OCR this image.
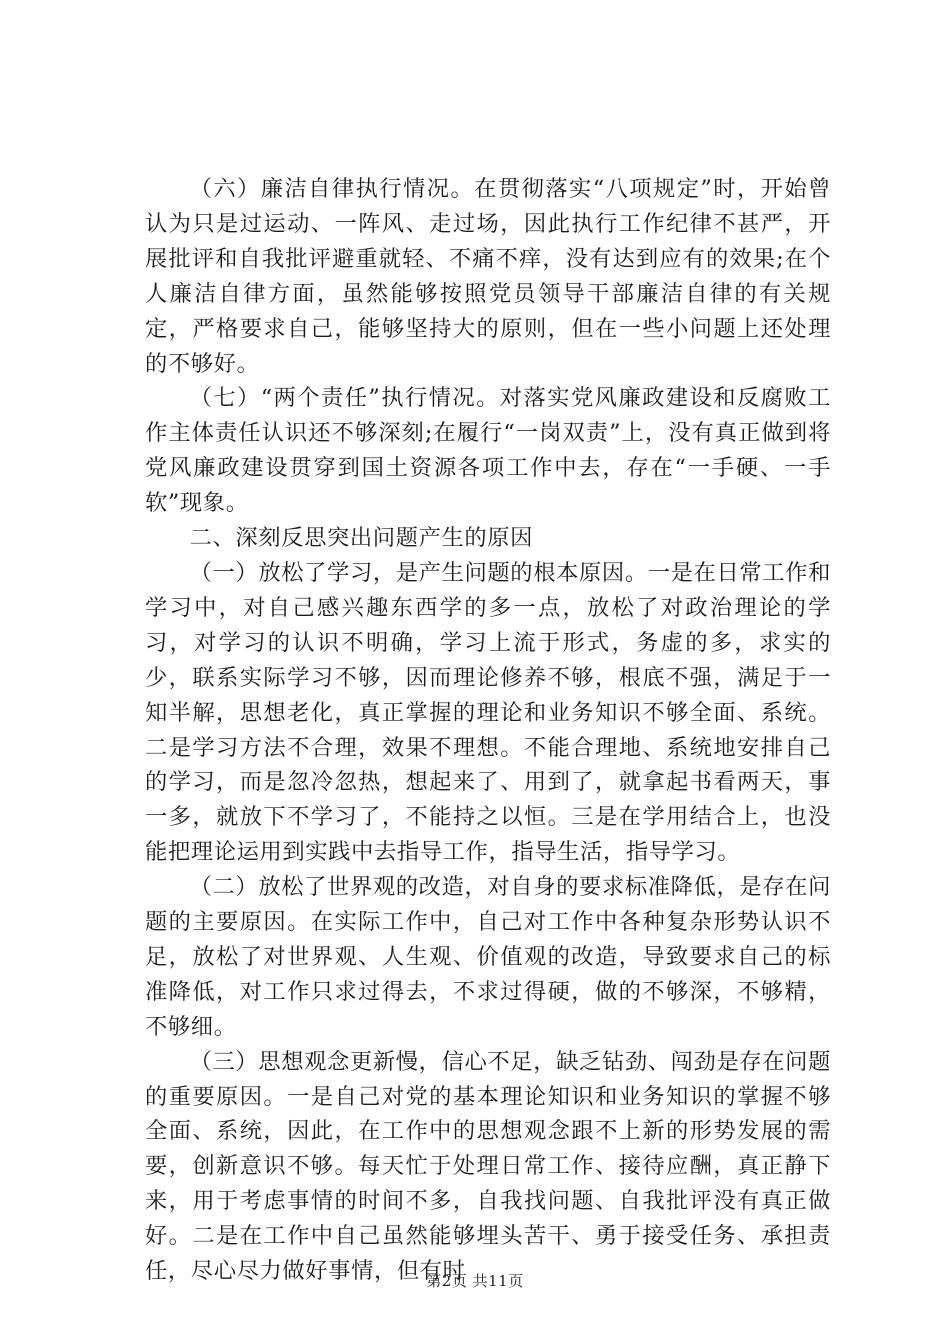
（六）廉洁自律执行情况。在贯彻落实“八项规定”时，开始曾认为只是过运动、一阵风、走过场，因此执行工作纪律不甚严，开展批评和自我批评避重就轻、不痛不痒，没有达到应有的效果;在个人廉洁自律方面，虽然能够按照党员领导干部廉洁自律的有关规定，严格要求自己，能够坚持大的原则，但在一些小问题上还处理的不够好。

（七）“两个责任”执行情况。对落实党风廉政建设和反腐败工作主体责任认识还不够深刻;在履行“一岗双责”上，没有真正做到将党风廉政建设贯穿到国土资源各项工作中去，存在“一手硬、一手软”现象。

二、深刻反思突出问题产生的原因

（一）放松了学习，是产生问题的根本原因。一是在日常工作和学习中，对自己感兴趣东西学的多一点，放松了对政治理论的学习，对学习的认识不明确，学习上流于形式，务虚的多，求实的少，联系实际学习不够，因而理论修养不够，根底不强，满足于一知半解，思想老化，真正掌握的理论和业务知识不够全面、系统。二是学习方法不合理，效果不理想。不能合理地、系统地安排自己的学习，而是忽冷忽热，想起来了、用到了，就拿起书看两天，事一多，就放下不学习了，不能持之以恒。三是在学用结合上，也没能把理论运用到实践中去指导工作，指导生活，指导学习。

（二）放松了世界观的改造，对自身的要求标准降低，是存在问题的主要原因。在实际工作中，自己对工作中各种复杂形势认识不足，放松了对世界观、人生观、价值观的改造，导致要求自己的标准降低，对工作只求过得去，不求过得硬，做的不够深，不够精，不够细。

（三）思想观念更新慢，信心不足，缺乏钻劲、闯劲是存在问题的重要原因。一是自己对党的基本理论知识和业务知识的掌握不够全面、系统，因此，在工作中的思想观念跟不上新的形势发展的需要，创新意识不够。每天忙于处理日常工作、接待应酬，真正静下来，用于考虑事情的时间不多，自我找问题、自我批评没有真正做好。二是在工作中自己虽然能够埋头苦干、勇于接受任务、承担责任，尽心尽力做好事情，但有时

第2页 共11页
